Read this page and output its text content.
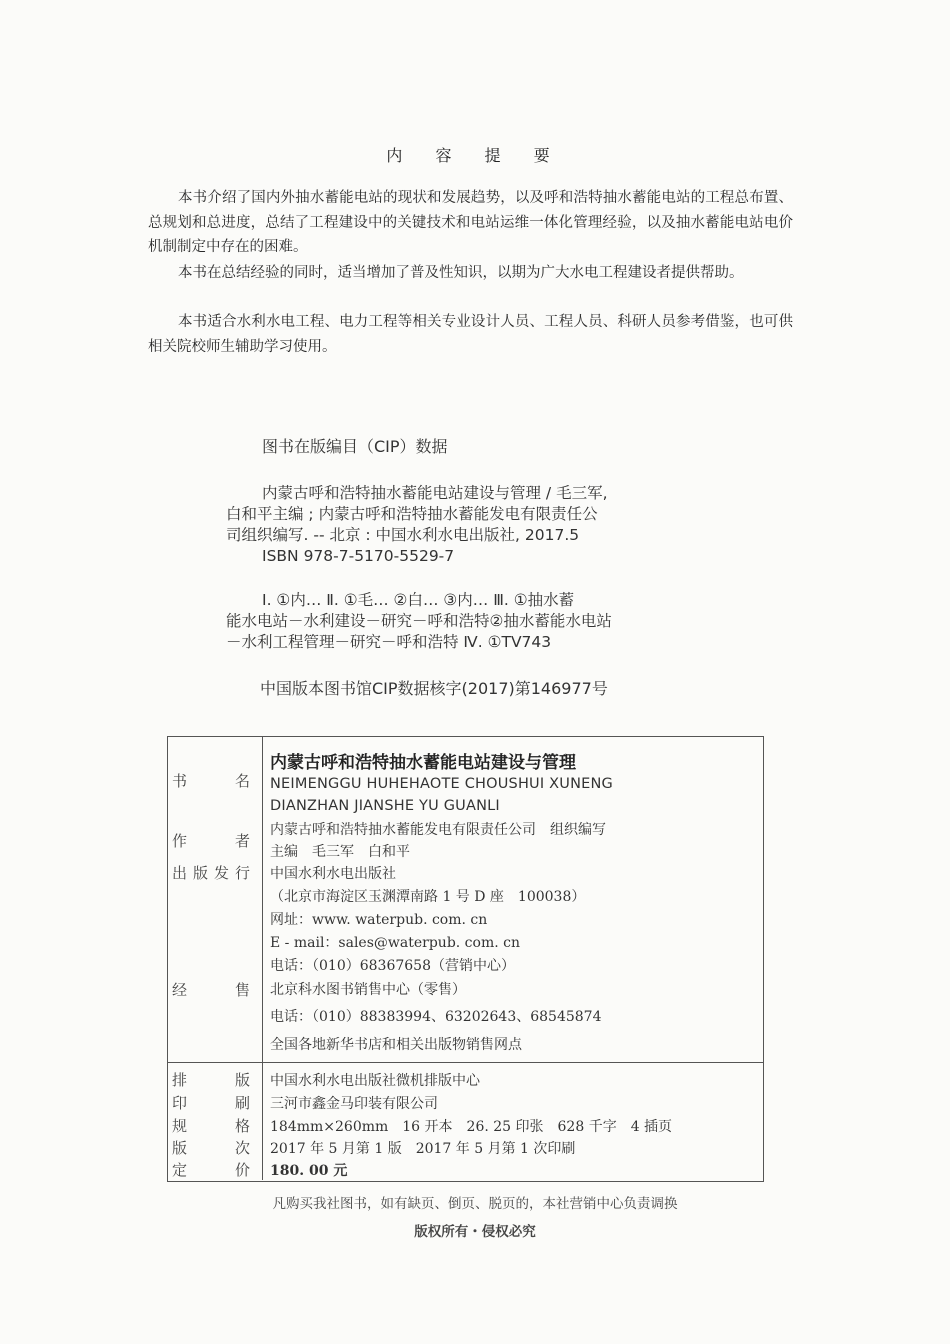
内 容 提 要
本书介绍了国内外抽水蓄能电站的现状和发展趋势，以及呼和浩特抽水蓄能电站的工程总布置、总规划和总进度，总结了工程建设中的关键技术和电站运维一体化管理经验，以及抽水蓄能电站电价机制制定中存在的困难。
本书在总结经验的同时，适当增加了普及性知识，以期为广大水电工程建设者提供帮助。
本书适合水利水电工程、电力工程等相关专业设计人员、工程人员、科研人员参考借鉴，也可供相关院校师生辅助学习使用。
图书在版编目（CIP）数据
内蒙古呼和浩特抽水蓄能电站建设与管理 / 毛三军,
白和平主编 ; 内蒙古呼和浩特抽水蓄能发电有限责任公
司组织编写. -- 北京 : 中国水利水电出版社, 2017.5
ISBN 978-7-5170-5529-7
Ⅰ. ①内… Ⅱ. ①毛… ②白… ③内… Ⅲ. ①抽水蓄
能水电站－水利建设－研究－呼和浩特②抽水蓄能水电站
－水利工程管理－研究－呼和浩特 Ⅳ. ①TV743
中国版本图书馆CIP数据核字(2017)第146977号
书名
内蒙古呼和浩特抽水蓄能电站建设与管理
NEIMENGGU HUHEHAOTE CHOUSHUI XUNENG
DIANZHAN JIANSHE YU GUANLI
作者
内蒙古呼和浩特抽水蓄能发电有限责任公司　组织编写
主编　毛三军　白和平
出版发行 中国水利水电出版社
（北京市海淀区玉渊潭南路 1 号 D 座　100038）
网址：www. waterpub. com. cn
E - mail：sales@waterpub. com. cn
电话：（010）68367658（营销中心）
经售 北京科水图书销售中心（零售）
电话：（010）88383994、63202643、68545874
全国各地新华书店和相关出版物销售网点
排版 中国水利水电出版社微机排版中心
印刷 三河市鑫金马印装有限公司
规格 184mm×260mm　16 开本　26. 25 印张　628 千字　4 插页
版次 2017 年 5 月第 1 版　2017 年 5 月第 1 次印刷
定价 180. 00 元
凡购买我社图书，如有缺页、倒页、脱页的，本社营销中心负责调换
版权所有・侵权必究
